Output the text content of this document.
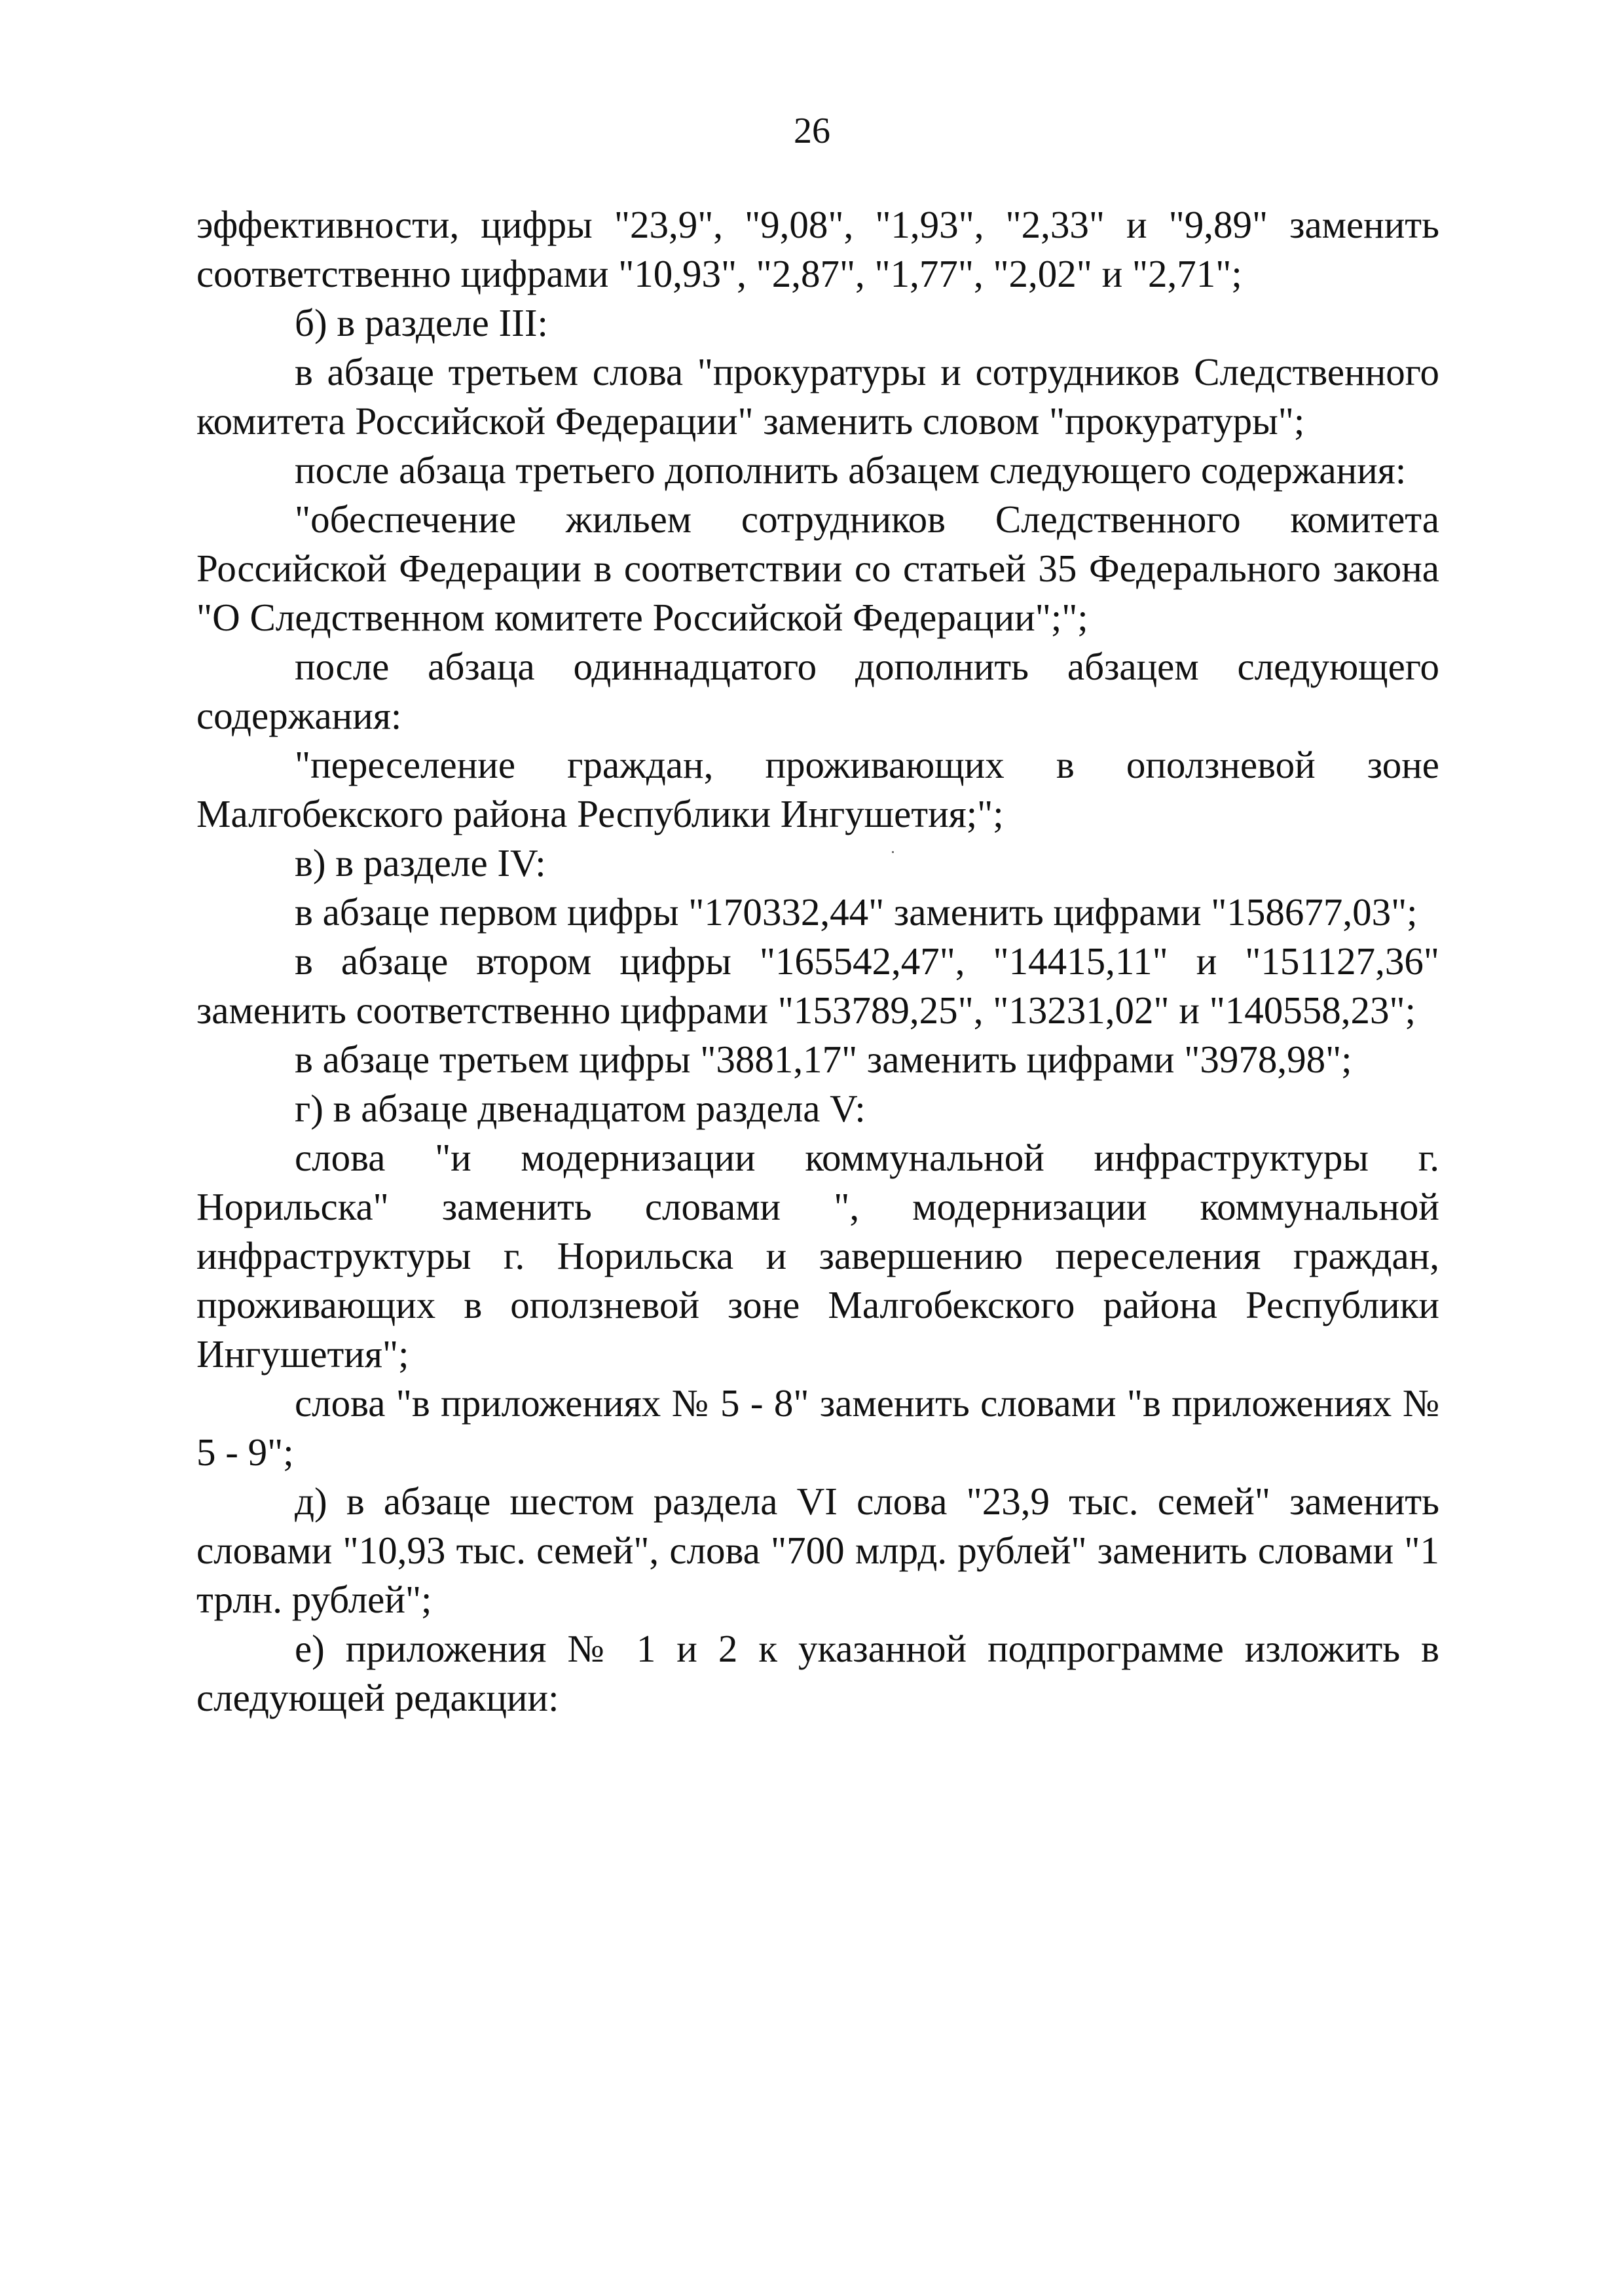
26

эффективности, цифры "23,9", "9,08", "1,93", "2,33" и "9,89" заменить соответственно цифрами "10,93", "2,87", "1,77", "2,02" и "2,71";

б) в разделе III:

в абзаце третьем слова "прокуратуры и сотрудников Следственного комитета Российской Федерации" заменить словом "прокуратуры";

после абзаца третьего дополнить абзацем следующего содержания:

"обеспечение жильем сотрудников Следственного комитета Российской Федерации в соответствии со статьей 35 Федерального закона "О Следственном комитете Российской Федерации";";

после абзаца одиннадцатого дополнить абзацем следующего содержания:

"переселение граждан, проживающих в оползневой зоне Малгобекского района Республики Ингушетия;";

в) в разделе IV:

в абзаце первом цифры "170332,44" заменить цифрами "158677,03";

в абзаце втором цифры "165542,47", "14415,11" и "151127,36" заменить соответственно цифрами "153789,25", "13231,02" и "140558,23";

в абзаце третьем цифры "3881,17" заменить цифрами "3978,98";

г) в абзаце двенадцатом раздела V:

слова "и модернизации коммунальной инфраструктуры г. Норильска" заменить словами ", модернизации коммунальной инфраструктуры г. Норильска и завершению переселения граждан, проживающих в оползневой зоне Малгобекского района Республики Ингушетия";

слова "в приложениях № 5 - 8" заменить словами "в приложениях № 5 - 9";

д) в абзаце шестом раздела VI слова "23,9 тыс. семей" заменить словами "10,93 тыс. семей", слова "700 млрд. рублей" заменить словами "1 трлн. рублей";

е) приложения № 1 и 2 к указанной подпрограмме изложить в следующей редакции:
